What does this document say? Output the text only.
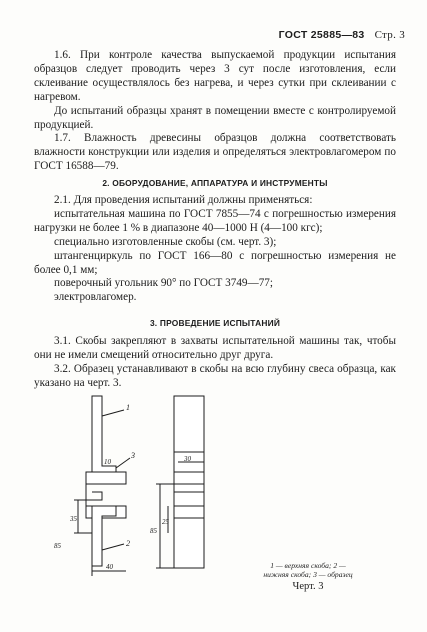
ГОСТ 25885—83 Стр. 3

1.6. При контроле качества выпускаемой продукции испытания образцов следует проводить через 3 сут после изготовления, если склеивание осуществлялось без нагрева, и через сутки при склеивании с нагревом.

До испытаний образцы хранят в помещении вместе с контролируемой продукцией.

1.7. Влажность древесины образцов должна соответствовать влажности конструкции или изделия и определяться электровлагомером по ГОСТ 16588—79.

2. ОБОРУДОВАНИЕ, АППАРАТУРА И ИНСТРУМЕНТЫ

2.1. Для проведения испытаний должны применяться:

испытательная машина по ГОСТ 7855—74 с погрешностью измерения нагрузки не более 1 % в диапазоне 40—1000 Н (4—100 кгс);

специально изготовленные скобы (см. черт. 3);

штангенциркуль по ГОСТ 166—80 с погрешностью измерения не более 0,1 мм;

поверочный угольник 90° по ГОСТ 3749—77;

электровлагомер.

3. ПРОВЕДЕНИЕ ИСПЫТАНИЙ

3.1. Скобы закрепляют в захваты испытательной машины так, чтобы они не имели смещений относительно друг друга.

3.2. Образец устанавливают в скобы на всю глубину свеса образца, как указано на черт. 3.

1
2
3
10
35
85
40
30
25
85
1 — верхняя скоба; 2 — нижняя скоба; 3 — образец
Черт. 3
